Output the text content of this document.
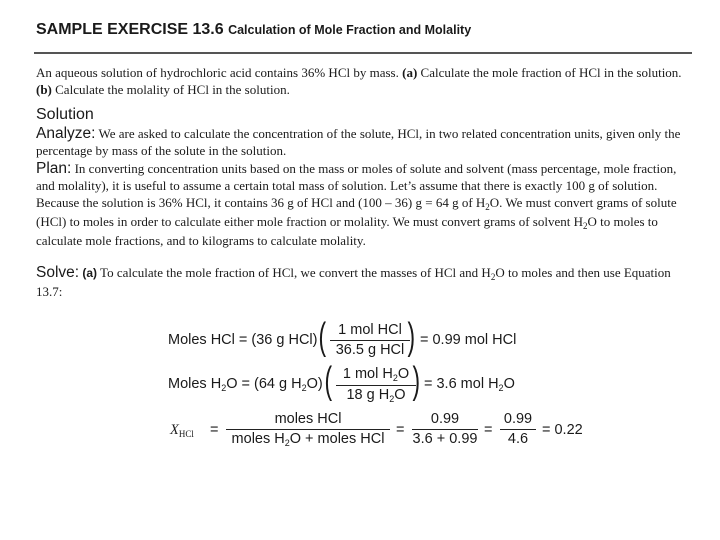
SAMPLE EXERCISE 13.6 Calculation of Mole Fraction and Molality
An aqueous solution of hydrochloric acid contains 36% HCl by mass. (a) Calculate the mole fraction of HCl in the solution. (b) Calculate the molality of HCl in the solution.
Solution
Analyze: We are asked to calculate the concentration of the solute, HCl, in two related concentration units, given only the percentage by mass of the solute in the solution.
Plan: In converting concentration units based on the mass or moles of solute and solvent (mass percentage, mole fraction, and molality), it is useful to assume a certain total mass of solution. Let’s assume that there is exactly 100 g of solution. Because the solution is 36% HCl, it contains 36 g of HCl and (100 – 36) g = 64 g of $H_2O$. We must convert grams of solute (HCl) to moles in order to calculate either mole fraction or molality. We must convert grams of solvent $H_2O$ to moles to calculate mole fractions, and to kilograms to calculate molality.
Solve: (a) To calculate the mole fraction of HCl, we convert the masses of HCl and $H_2O$ to moles and then use Equation 13.7:
Moles HCl = (36 g HCl) ( 1 mol HCl
36.5 g HCl ) = 0.99 mol HCl
Moles $H_2O = (64$ g $H_2O$) ( 1 mol $H_2O$
18 g $H_2O$ ) = 3.6 mol $H_2O$
$X_{HCl}$ =
moles HCl
moles $H_2O$ + moles HCl
=
0.99
3.6 + 0.99
=
0.99
4.6
= 0.22
